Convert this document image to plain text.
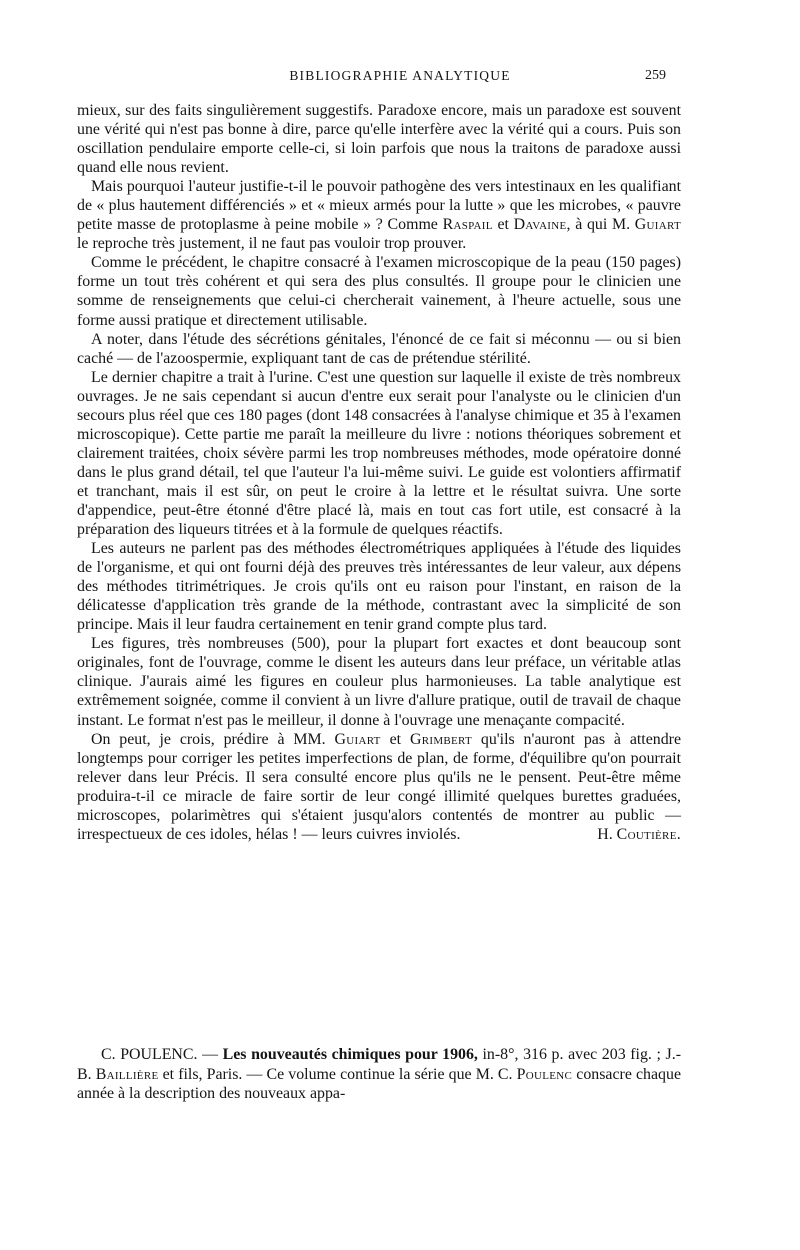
BIBLIOGRAPHIE ANALYTIQUE	259

mieux, sur des faits singulièrement suggestifs. Paradoxe encore, mais un paradoxe est souvent une vérité qui n'est pas bonne à dire, parce qu'elle interfère avec la vérité qui a cours. Puis son oscillation pendulaire emporte celle-ci, si loin parfois que nous la traitons de paradoxe aussi quand elle nous revient.

Mais pourquoi l'auteur justifie-t-il le pouvoir pathogène des vers intestinaux en les qualifiant de « plus hautement différenciés » et « mieux armés pour la lutte » que les microbes, « pauvre petite masse de protoplasme à peine mobile » ? Comme Raspail et Davaine, à qui M. Guiart le reproche très justement, il ne faut pas vouloir trop prouver.

Comme le précédent, le chapitre consacré à l'examen microscopique de la peau (150 pages) forme un tout très cohérent et qui sera des plus consultés. Il groupe pour le clinicien une somme de renseignements que celui-ci chercherait vainement, à l'heure actuelle, sous une forme aussi pratique et directement utilisable.

A noter, dans l'étude des sécrétions génitales, l'énoncé de ce fait si méconnu — ou si bien caché — de l'azoospermie, expliquant tant de cas de prétendue stérilité.

Le dernier chapitre a trait à l'urine. C'est une question sur laquelle il existe de très nombreux ouvrages. Je ne sais cependant si aucun d'entre eux serait pour l'analyste ou le clinicien d'un secours plus réel que ces 180 pages (dont 148 consacrées à l'analyse chimique et 35 à l'examen microscopique). Cette partie me paraît la meilleure du livre : notions théoriques sobrement et clairement traitées, choix sévère parmi les trop nombreuses méthodes, mode opératoire donné dans le plus grand détail, tel que l'auteur l'a lui-même suivi. Le guide est volontiers affirmatif et tranchant, mais il est sûr, on peut le croire à la lettre et le résultat suivra. Une sorte d'appendice, peut-être étonné d'être placé là, mais en tout cas fort utile, est consacré à la préparation des liqueurs titrées et à la formule de quelques réactifs.

Les auteurs ne parlent pas des méthodes électrométriques appliquées à l'étude des liquides de l'organisme, et qui ont fourni déjà des preuves très intéressantes de leur valeur, aux dépens des méthodes titrimétriques. Je crois qu'ils ont eu raison pour l'instant, en raison de la délicatesse d'application très grande de la méthode, contrastant avec la simplicité de son principe. Mais il leur faudra certainement en tenir grand compte plus tard.

Les figures, très nombreuses (500), pour la plupart fort exactes et dont beaucoup sont originales, font de l'ouvrage, comme le disent les auteurs dans leur préface, un véritable atlas clinique. J'aurais aimé les figures en couleur plus harmonieuses. La table analytique est extrêmement soignée, comme il convient à un livre d'allure pratique, outil de travail de chaque instant. Le format n'est pas le meilleur, il donne à l'ouvrage une menaçante compacité.

On peut, je crois, prédire à MM. Guiart et Grimbert qu'ils n'auront pas à attendre longtemps pour corriger les petites imperfections de plan, de forme, d'équilibre qu'on pourrait relever dans leur Précis. Il sera consulté encore plus qu'ils ne le pensent. Peut-être même produira-t-il ce miracle de faire sortir de leur congé illimité quelques burettes graduées, microscopes, polarimètres qui s'étaient jusqu'alors contentés de montrer au public — irrespectueux de ces idoles, hélas ! — leurs cuivres inviolés.	H. Coutière.

C. POULENC. — Les nouveautés chimiques pour 1906, in-8°, 316 p. avec 203 fig. ; J.-B. Baillière et fils, Paris. — Ce volume continue la série que M. C. Poulenc consacre chaque année à la description des nouveaux appa-
